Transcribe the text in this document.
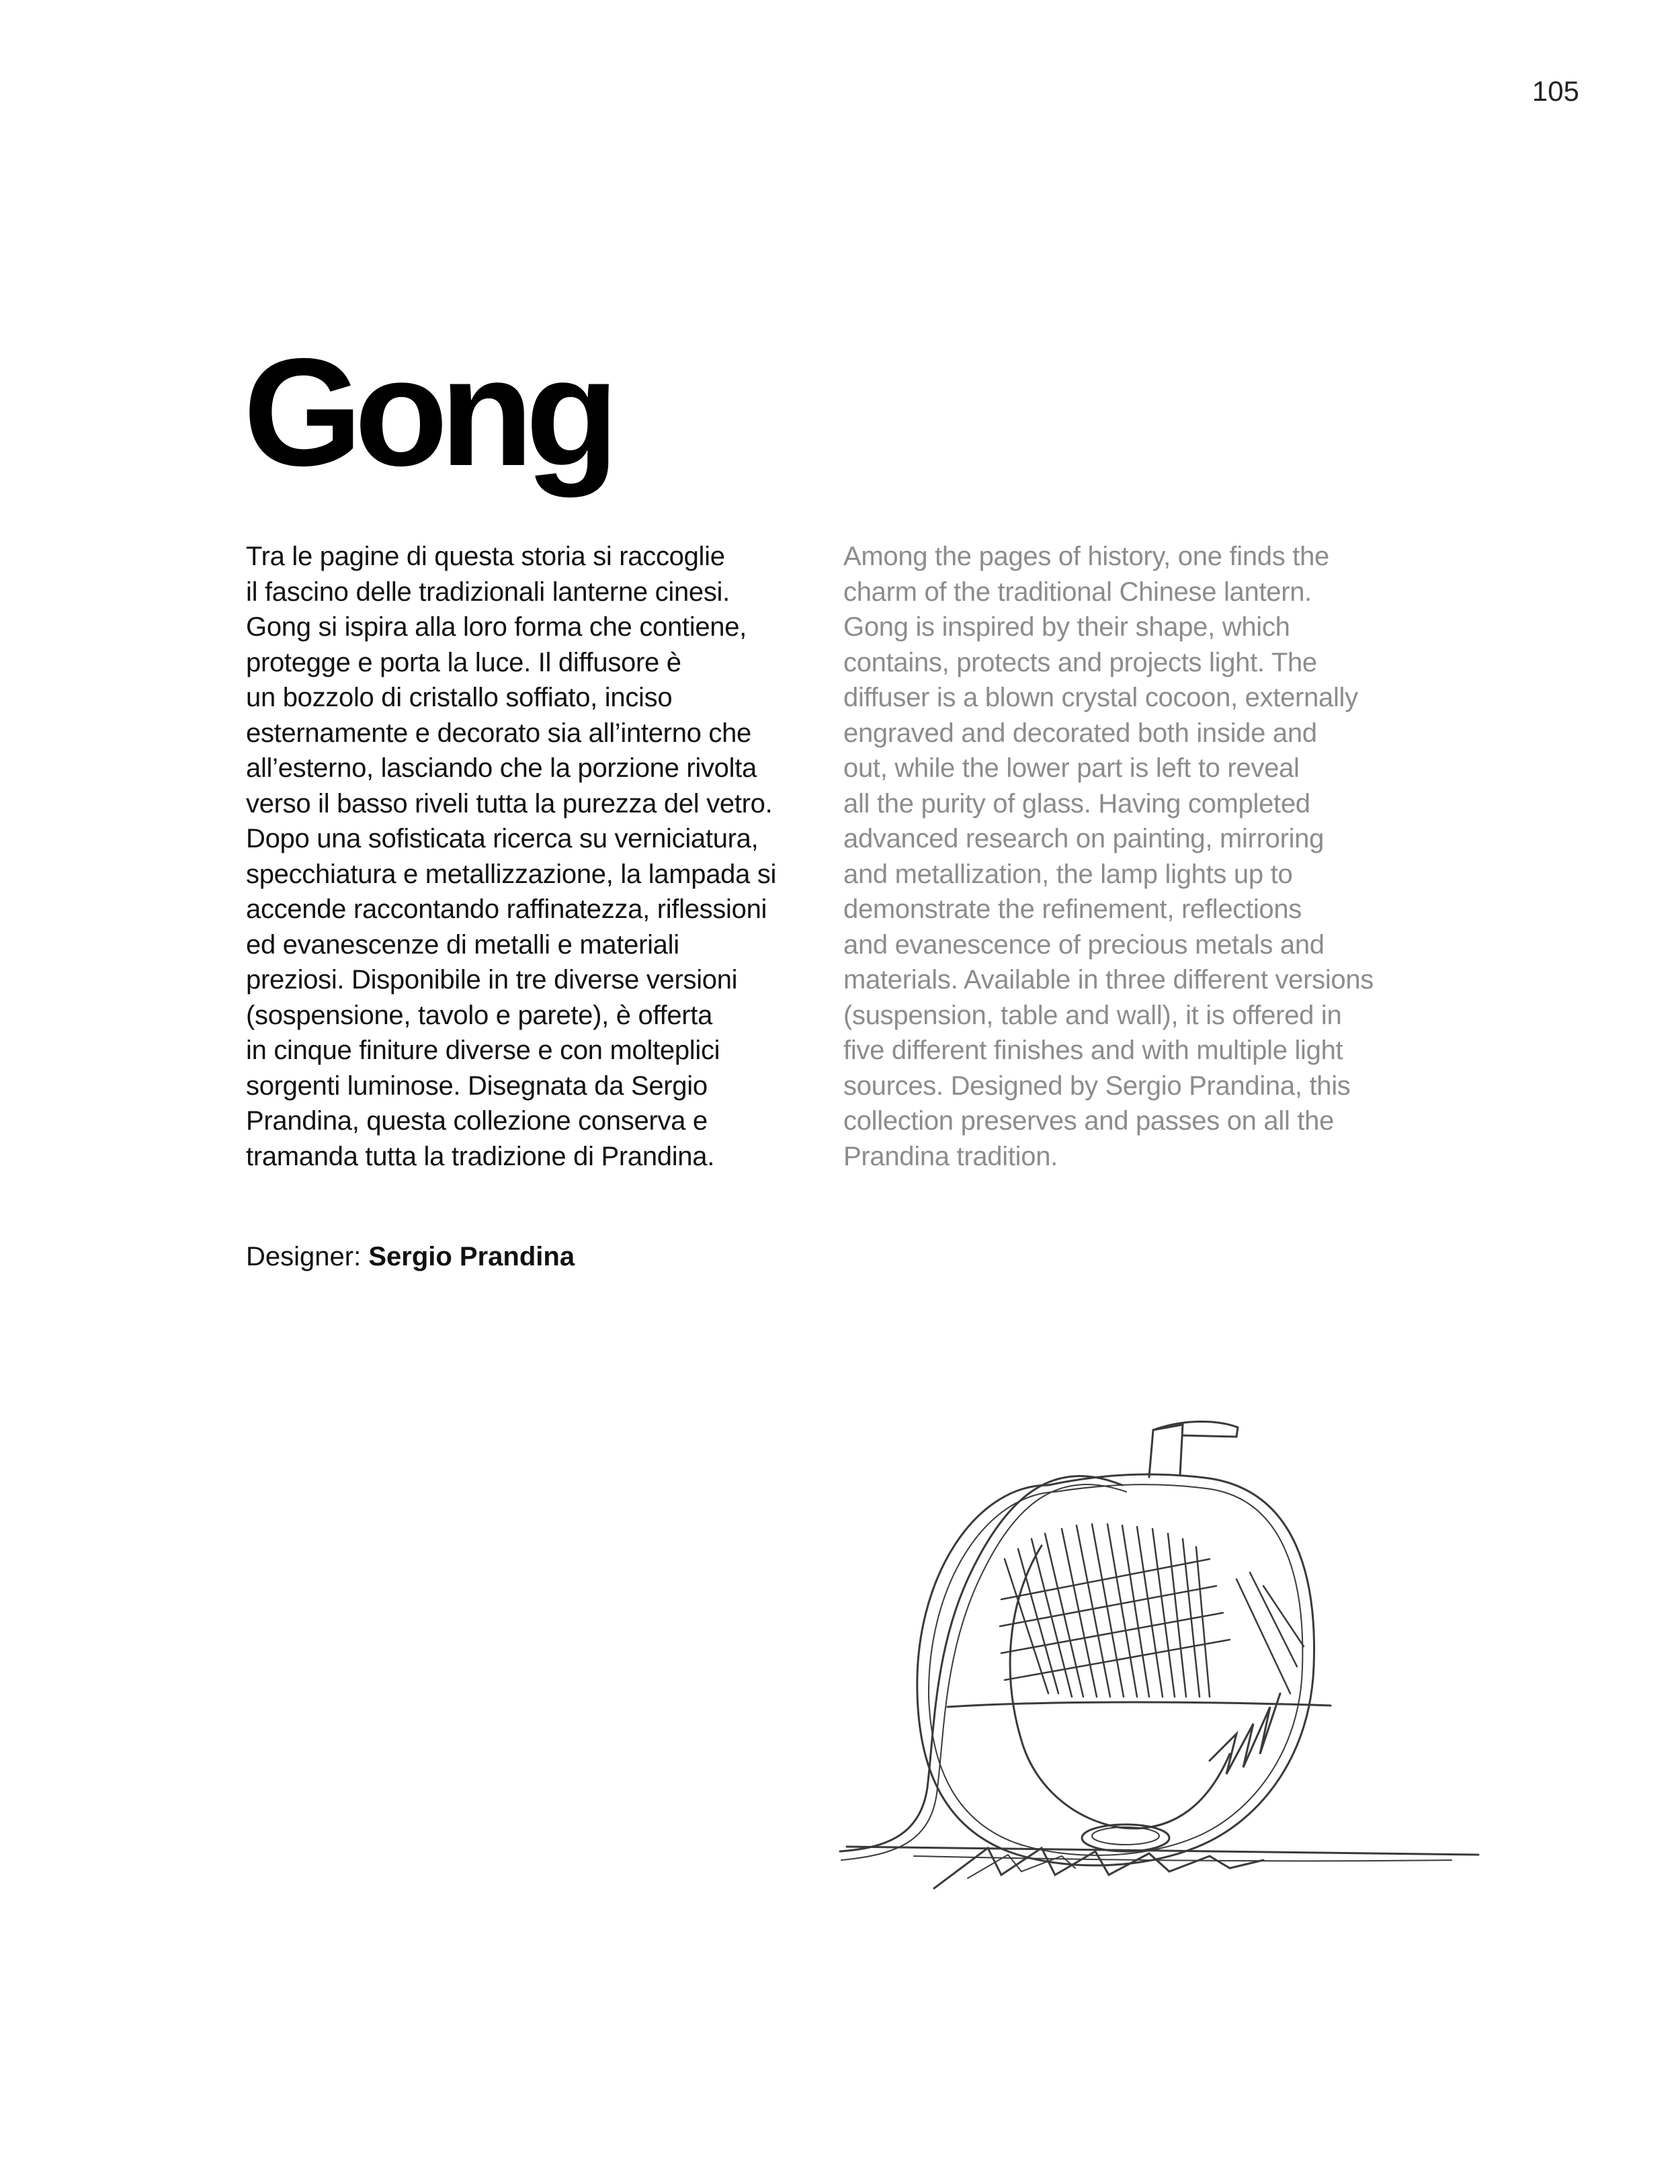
105
Gong

Tra le pagine di questa storia si raccoglie
il fascino delle tradizionali lanterne cinesi.
Gong si ispira alla loro forma che contiene,
protegge e porta la luce. Il diffusore è
un bozzolo di cristallo soffiato, inciso
esternamente e decorato sia all’interno che
all’esterno, lasciando che la porzione rivolta
verso il basso riveli tutta la purezza del vetro.
Dopo una sofisticata ricerca su verniciatura,
specchiatura e metallizzazione, la lampada si
accende raccontando raffinatezza, riflessioni
ed evanescenze di metalli e materiali
preziosi. Disponibile in tre diverse versioni
(sospensione, tavolo e parete), è offerta
in cinque finiture diverse e con molteplici
sorgenti luminose. Disegnata da Sergio
Prandina, questa collezione conserva e
tramanda tutta la tradizione di Prandina.

Among the pages of history, one finds the
charm of the traditional Chinese lantern.
Gong is inspired by their shape, which
contains, protects and projects light. The
diffuser is a blown crystal cocoon, externally
engraved and decorated both inside and
out, while the lower part is left to reveal
all the purity of glass. Having completed
advanced research on painting, mirroring
and metallization, the lamp lights up to
demonstrate the refinement, reflections
and evanescence of precious metals and
materials. Available in three different versions
(suspension, table and wall), it is offered in
five different finishes and with multiple light
sources. Designed by Sergio Prandina, this
collection preserves and passes on all the
Prandina tradition.

Designer: Sergio Prandina
